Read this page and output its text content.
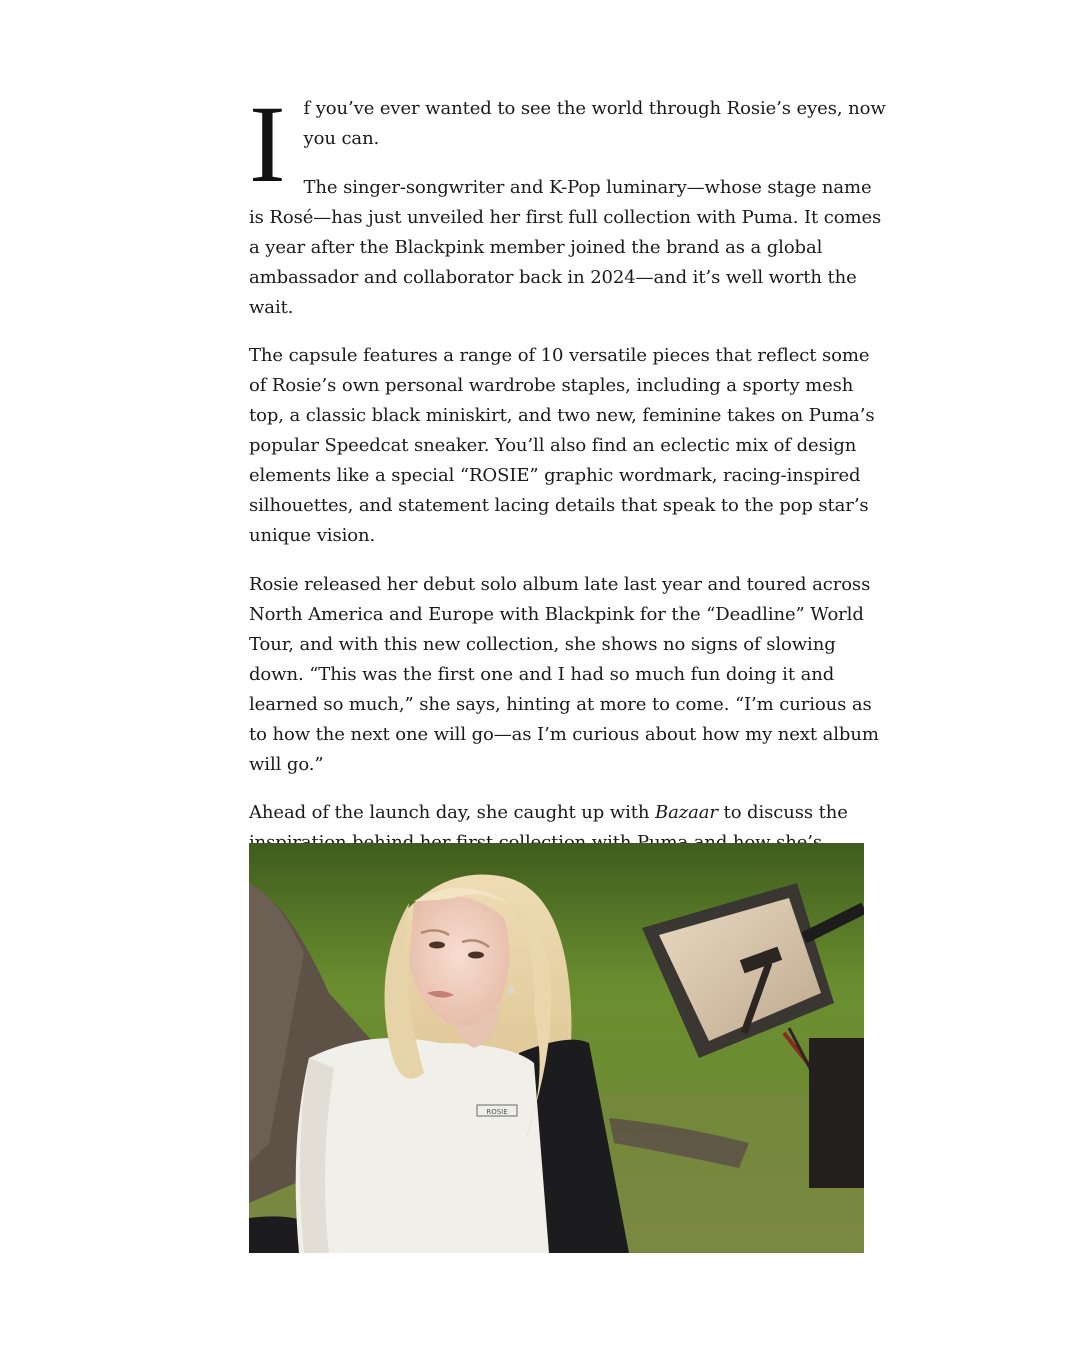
I f you’ve ever wanted to see the world through Rosie’s eyes, now you can.

The singer-songwriter and K-Pop luminary—whose stage name is Rosé—has just unveiled her first full collection with Puma. It comes a year after the Blackpink member joined the brand as a global ambassador and collaborator back in 2024—and it’s well worth the wait.

The capsule features a range of 10 versatile pieces that reflect some of Rosie’s own personal wardrobe staples, including a sporty mesh top, a classic black miniskirt, and two new, feminine takes on Puma’s popular Speedcat sneaker. You’ll also find an eclectic mix of design elements like a special “ROSIE” graphic wordmark, racing-inspired silhouettes, and statement lacing details that speak to the pop star’s unique vision.

Rosie released her debut solo album late last year and toured across North America and Europe with Blackpink for the “Deadline” World Tour, and with this new collection, she shows no signs of slowing down. “This was the first one and I had so much fun doing it and learned so much,” she says, hinting at more to come. “I’m curious as to how the next one will go—as I’m curious about how my next album will go.”

Ahead of the launch day, she caught up with Bazaar to discuss the

ROSIE
